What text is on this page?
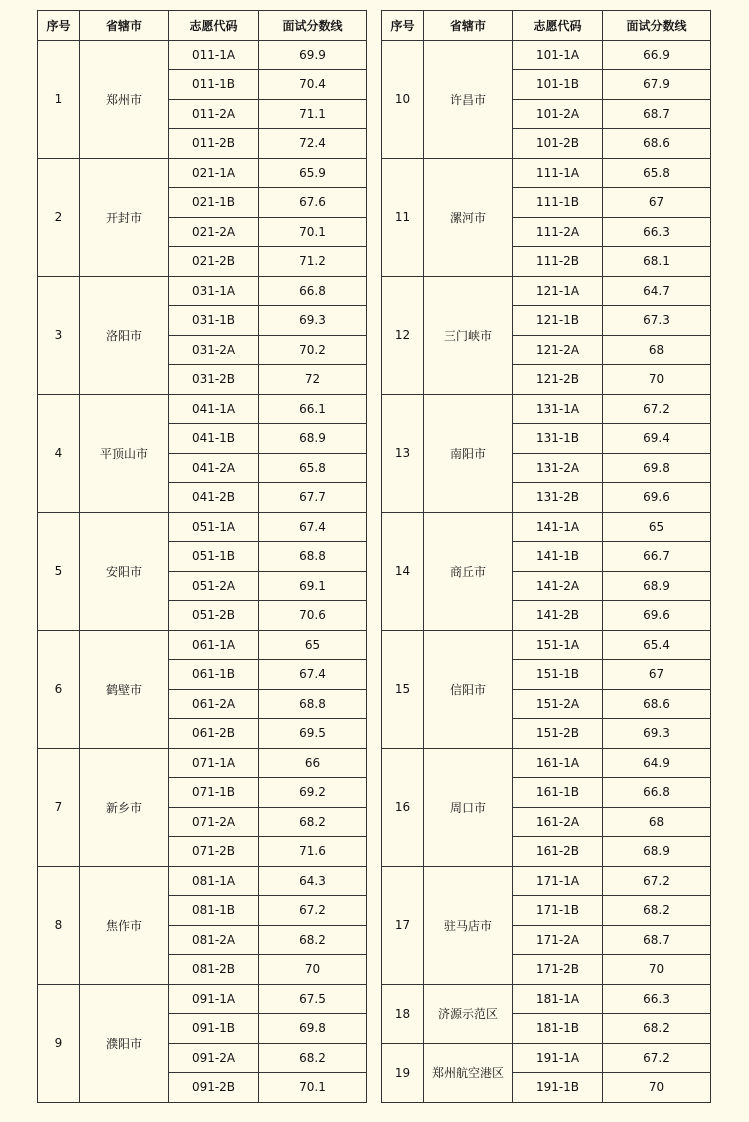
序号	省辖市	志愿代码	面试分数线
1	郑州市	011-1A	69.9
		011-1B	70.4
		011-2A	71.1
		011-2B	72.4
2	开封市	021-1A	65.9
		021-1B	67.6
		021-2A	70.1
		021-2B	71.2
3	洛阳市	031-1A	66.8
		031-1B	69.3
		031-2A	70.2
		031-2B	72
4	平顶山市	041-1A	66.1
		041-1B	68.9
		041-2A	65.8
		041-2B	67.7
5	安阳市	051-1A	67.4
		051-1B	68.8
		051-2A	69.1
		051-2B	70.6
6	鹤壁市	061-1A	65
		061-1B	67.4
		061-2A	68.8
		061-2B	69.5
7	新乡市	071-1A	66
		071-1B	69.2
		071-2A	68.2
		071-2B	71.6
8	焦作市	081-1A	64.3
		081-1B	67.2
		081-2A	68.2
		081-2B	70
9	濮阳市	091-1A	67.5
		091-1B	69.8
		091-2A	68.2
		091-2B	70.1
序号	省辖市	志愿代码	面试分数线
10	许昌市	101-1A	66.9
		101-1B	67.9
		101-2A	68.7
		101-2B	68.6
11	漯河市	111-1A	65.8
		111-1B	67
		111-2A	66.3
		111-2B	68.1
12	三门峡市	121-1A	64.7
		121-1B	67.3
		121-2A	68
		121-2B	70
13	南阳市	131-1A	67.2
		131-1B	69.4
		131-2A	69.8
		131-2B	69.6
14	商丘市	141-1A	65
		141-1B	66.7
		141-2A	68.9
		141-2B	69.6
15	信阳市	151-1A	65.4
		151-1B	67
		151-2A	68.6
		151-2B	69.3
16	周口市	161-1A	64.9
		161-1B	66.8
		161-2A	68
		161-2B	68.9
17	驻马店市	171-1A	67.2
		171-1B	68.2
		171-2A	68.7
		171-2B	70
18	济源示范区	181-1A	66.3
		181-1B	68.2
19	郑州航空港区	191-1A	67.2
		191-1B	70
